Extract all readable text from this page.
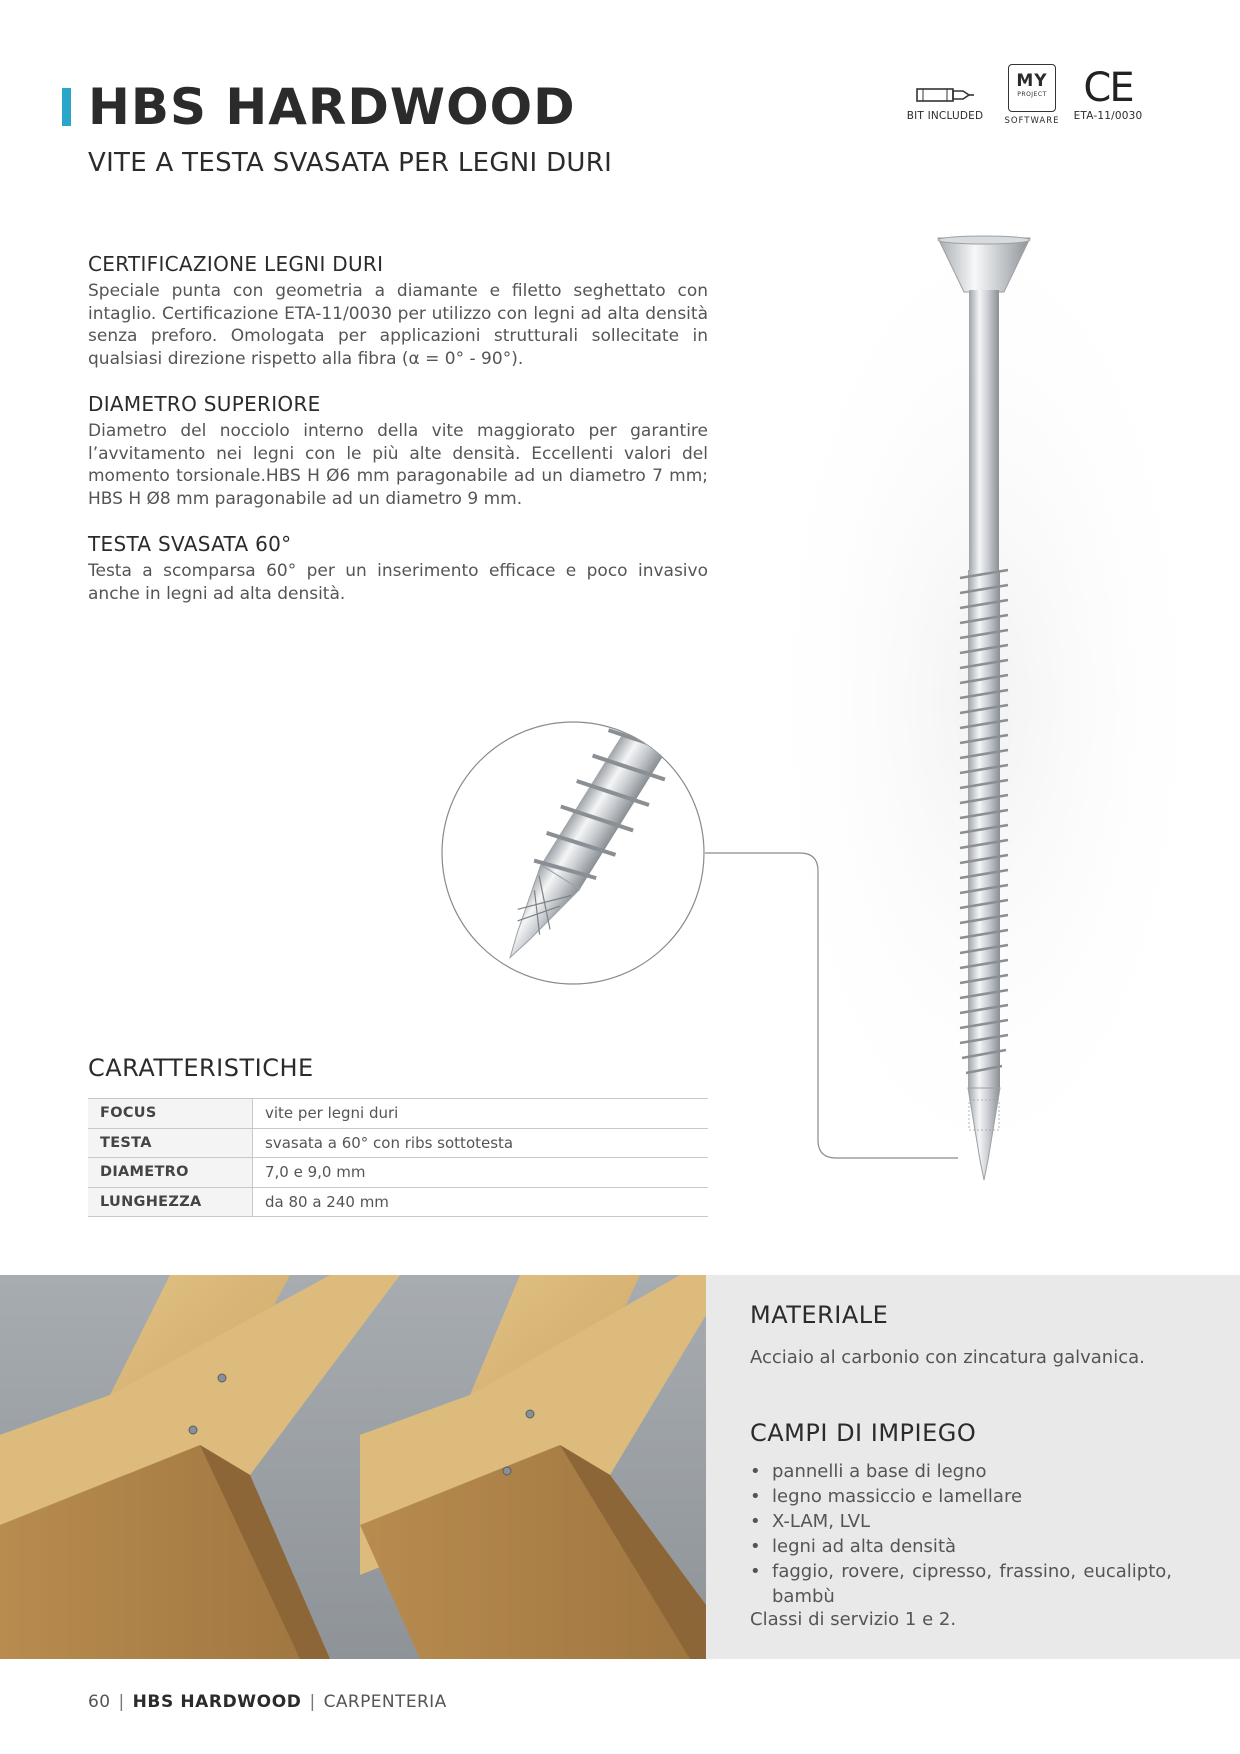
HBS HARDWOOD
VITE A TESTA SVASATA PER LEGNI DURI
BIT INCLUDED
MY
PROJECT
SOFTWARE
CE
ETA-11/0030
CERTIFICAZIONE LEGNI DURI

Speciale punta con geometria a diamante e filetto seghettato con intaglio. Certificazione ETA-11/0030 per utilizzo con legni ad alta densità senza preforo. Omologata per applicazioni strutturali sollecitate in qualsiasi direzione rispetto alla fibra (α = 0° - 90°).

DIAMETRO SUPERIORE

Diametro del nocciolo interno della vite maggiorato per garantire l’avvitamento nei legni con le più alte densità. Eccellenti valori del momento torsionale.HBS H Ø6 mm paragonabile ad un diametro 7 mm; HBS H Ø8 mm paragonabile ad un diametro 9 mm.

TESTA SVASATA 60°

Testa a scomparsa 60° per un inserimento efficace e poco invasivo anche in legni ad alta densità.

CARATTERISTICHE
FOCUS	vite per legni duri
TESTA	svasata a 60° con ribs sottotesta
DIAMETRO	7,0 e 9,0 mm
LUNGHEZZA	da 80 a 240 mm
MATERIALE

Acciaio al carbonio con zincatura galvanica.

CAMPI DI IMPIEGO
• pannelli a base di legno
• legno massiccio e lamellare
• X-LAM, LVL
• legni ad alta densità
• faggio, rovere, cipresso, frassino, eucalipto, bambù

Classi di servizio 1 e 2.

60 | HBS HARDWOOD | CARPENTERIA
